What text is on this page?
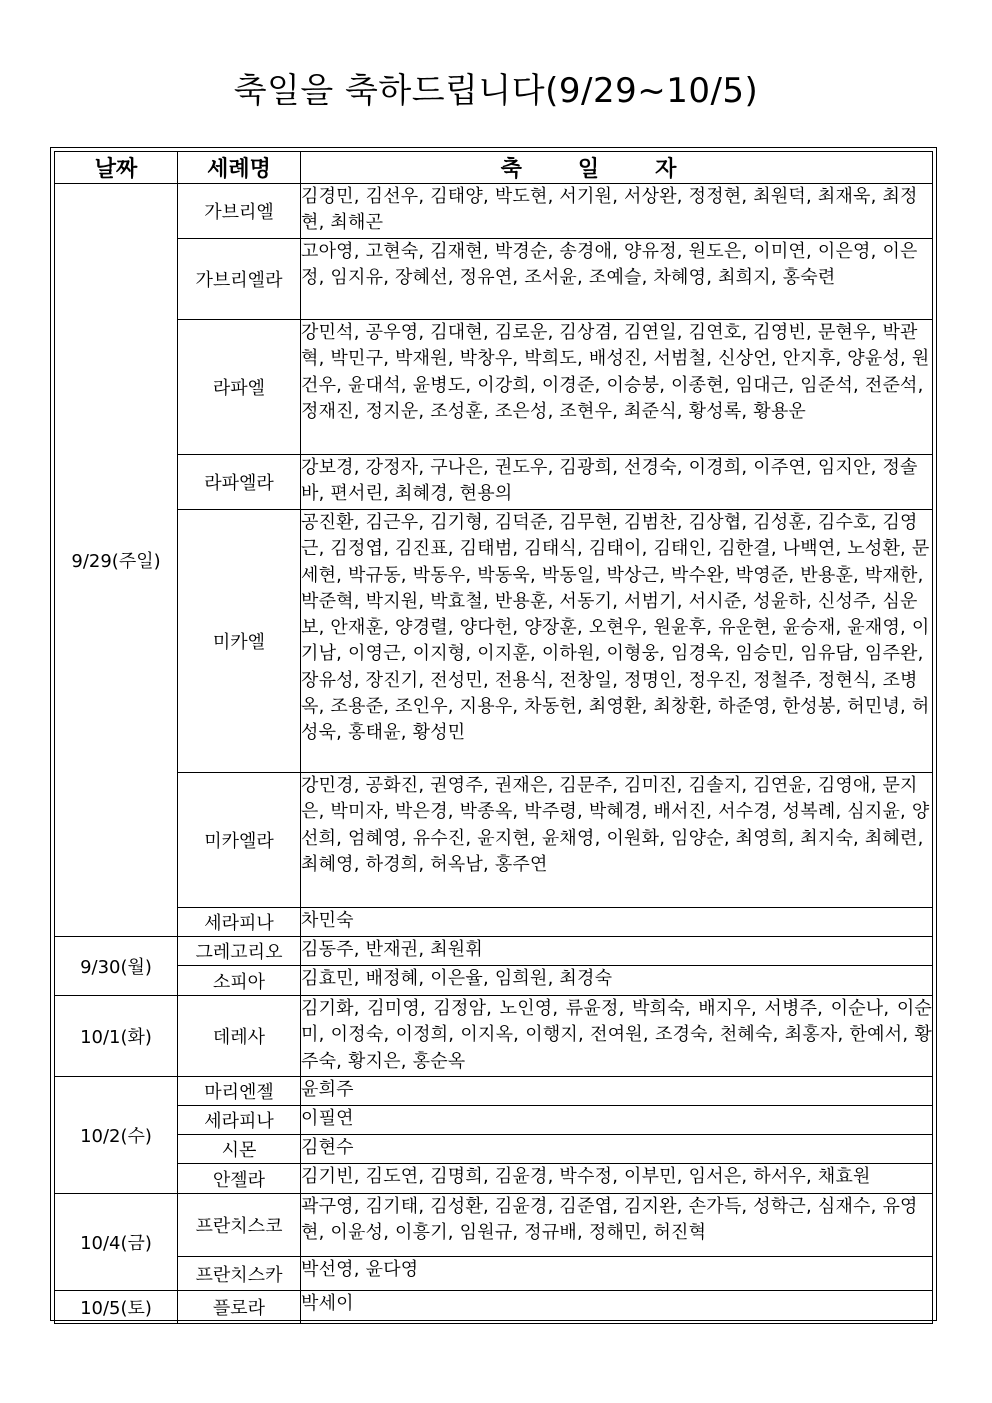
축일을 축하드립니다(9/29~10/5)
날짜	세례명	축일자
9/29(주일)	가브리엘	김경민, 김선우, 김태양, 박도현, 서기원, 서상완, 정정현, 최원덕, 최재욱, 최정현, 최해곤
	가브리엘라	고아영, 고현숙, 김재현, 박경순, 송경애, 양유정, 원도은, 이미연, 이은영, 이은정, 임지유, 장혜선, 정유연, 조서윤, 조예슬, 차혜영, 최희지, 홍숙련
	라파엘	강민석, 공우영, 김대현, 김로운, 김상겸, 김연일, 김연호, 김영빈, 문현우, 박관혁, 박민구, 박재원, 박창우, 박희도, 배성진, 서범철, 신상언, 안지후, 양윤성, 원건우, 윤대석, 윤병도, 이강희, 이경준, 이승붕, 이종현, 임대근, 임준석, 전준석, 정재진, 정지운, 조성훈, 조은성, 조현우, 최준식, 황성록, 황용운
	라파엘라	강보경, 강정자, 구나은, 권도우, 김광희, 선경숙, 이경희, 이주연, 임지안, 정솔바, 편서린, 최혜경, 현용의
	미카엘	공진환, 김근우, 김기형, 김덕준, 김무현, 김범찬, 김상협, 김성훈, 김수호, 김영근, 김정엽, 김진표, 김태범, 김태식, 김태이, 김태인, 김한결, 나백연, 노성환, 문세현, 박규동, 박동우, 박동욱, 박동일, 박상근, 박수완, 박영준, 반용훈, 박재한, 박준혁, 박지원, 박효철, 반용훈, 서동기, 서범기, 서시준, 성윤하, 신성주, 심운보, 안재훈, 양경렬, 양다헌, 양장훈, 오현우, 원윤후, 유운현, 윤승재, 윤재영, 이기남, 이영근, 이지형, 이지훈, 이하원, 이형웅, 임경욱, 임승민, 임유담, 임주완, 장유성, 장진기, 전성민, 전용식, 전창일, 정명인, 정우진, 정철주, 정현식, 조병옥, 조용준, 조인우, 지용우, 차동헌, 최영환, 최창환, 하준영, 한성봉, 허민녕, 허성욱, 홍태윤, 황성민
	미카엘라	강민경, 공화진, 권영주, 권재은, 김문주, 김미진, 김솔지, 김연윤, 김영애, 문지은, 박미자, 박은경, 박종옥, 박주령, 박혜경, 배서진, 서수경, 성복례, 심지윤, 양선희, 엄혜영, 유수진, 윤지현, 윤채영, 이원화, 임양순, 최영희, 최지숙, 최혜련, 최혜영, 하경희, 허옥남, 홍주연
	세라피나	차민숙
9/30(월)	그레고리오	김동주, 반재권, 최원휘
	소피아	김효민, 배정혜, 이은율, 임희원, 최경숙
10/1(화)	데레사	김기화, 김미영, 김정암, 노인영, 류윤정, 박희숙, 배지우, 서병주, 이순나, 이순미, 이정숙, 이정희, 이지옥, 이행지, 전여원, 조경숙, 천혜숙, 최홍자, 한예서, 황주숙, 황지은, 홍순옥
10/2(수)	마리엔젤	윤희주
	세라피나	이필연
	시몬	김현수
	안젤라	김기빈, 김도연, 김명희, 김윤경, 박수정, 이부민, 임서은, 하서우, 채효원
10/4(금)	프란치스코	곽구영, 김기태, 김성환, 김윤경, 김준엽, 김지완, 손가득, 성학근, 심재수, 유영현, 이윤성, 이흥기, 임원규, 정규배, 정해민, 허진혁
	프란치스카	박선영, 윤다영
10/5(토)	플로라	박세이
